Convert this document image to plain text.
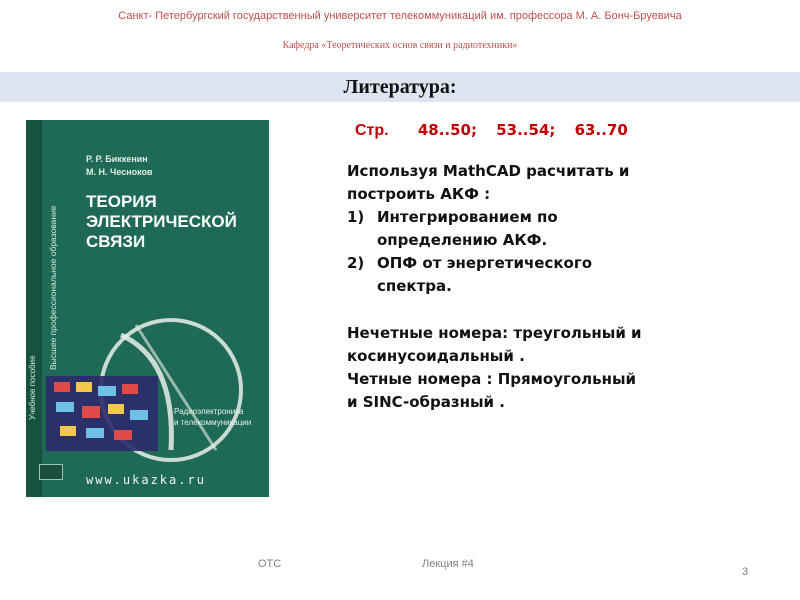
Санкт- Петербургский государственный университет телекоммуникаций им. профессора М. А. Бонч-Бруевича
Кафедра «Теоретических основ связи и радиотехники»
Литература:
Учебное пособие
Высшее профессиональное образование
Р. Р. Биккенин
М. Н. Чесноков
ТЕОРИЯ
ЭЛЕКТРИЧЕСКОЙ
СВЯЗИ
Радиоэлектроника
и телекоммуникации
www.ukazka.ru
Стр. 48..50; 53..54; 63..70
Используя MathCAD расчитать и
построить АКФ :
1) Интегрированием по
определению АКФ.
2) ОПФ от энергетического
спектра.
Нечетные номера: треугольный и
косинусоидальный .
Четные номера : Прямоугольный
и SINC-образный .
ОТС	Лекция #4
3
